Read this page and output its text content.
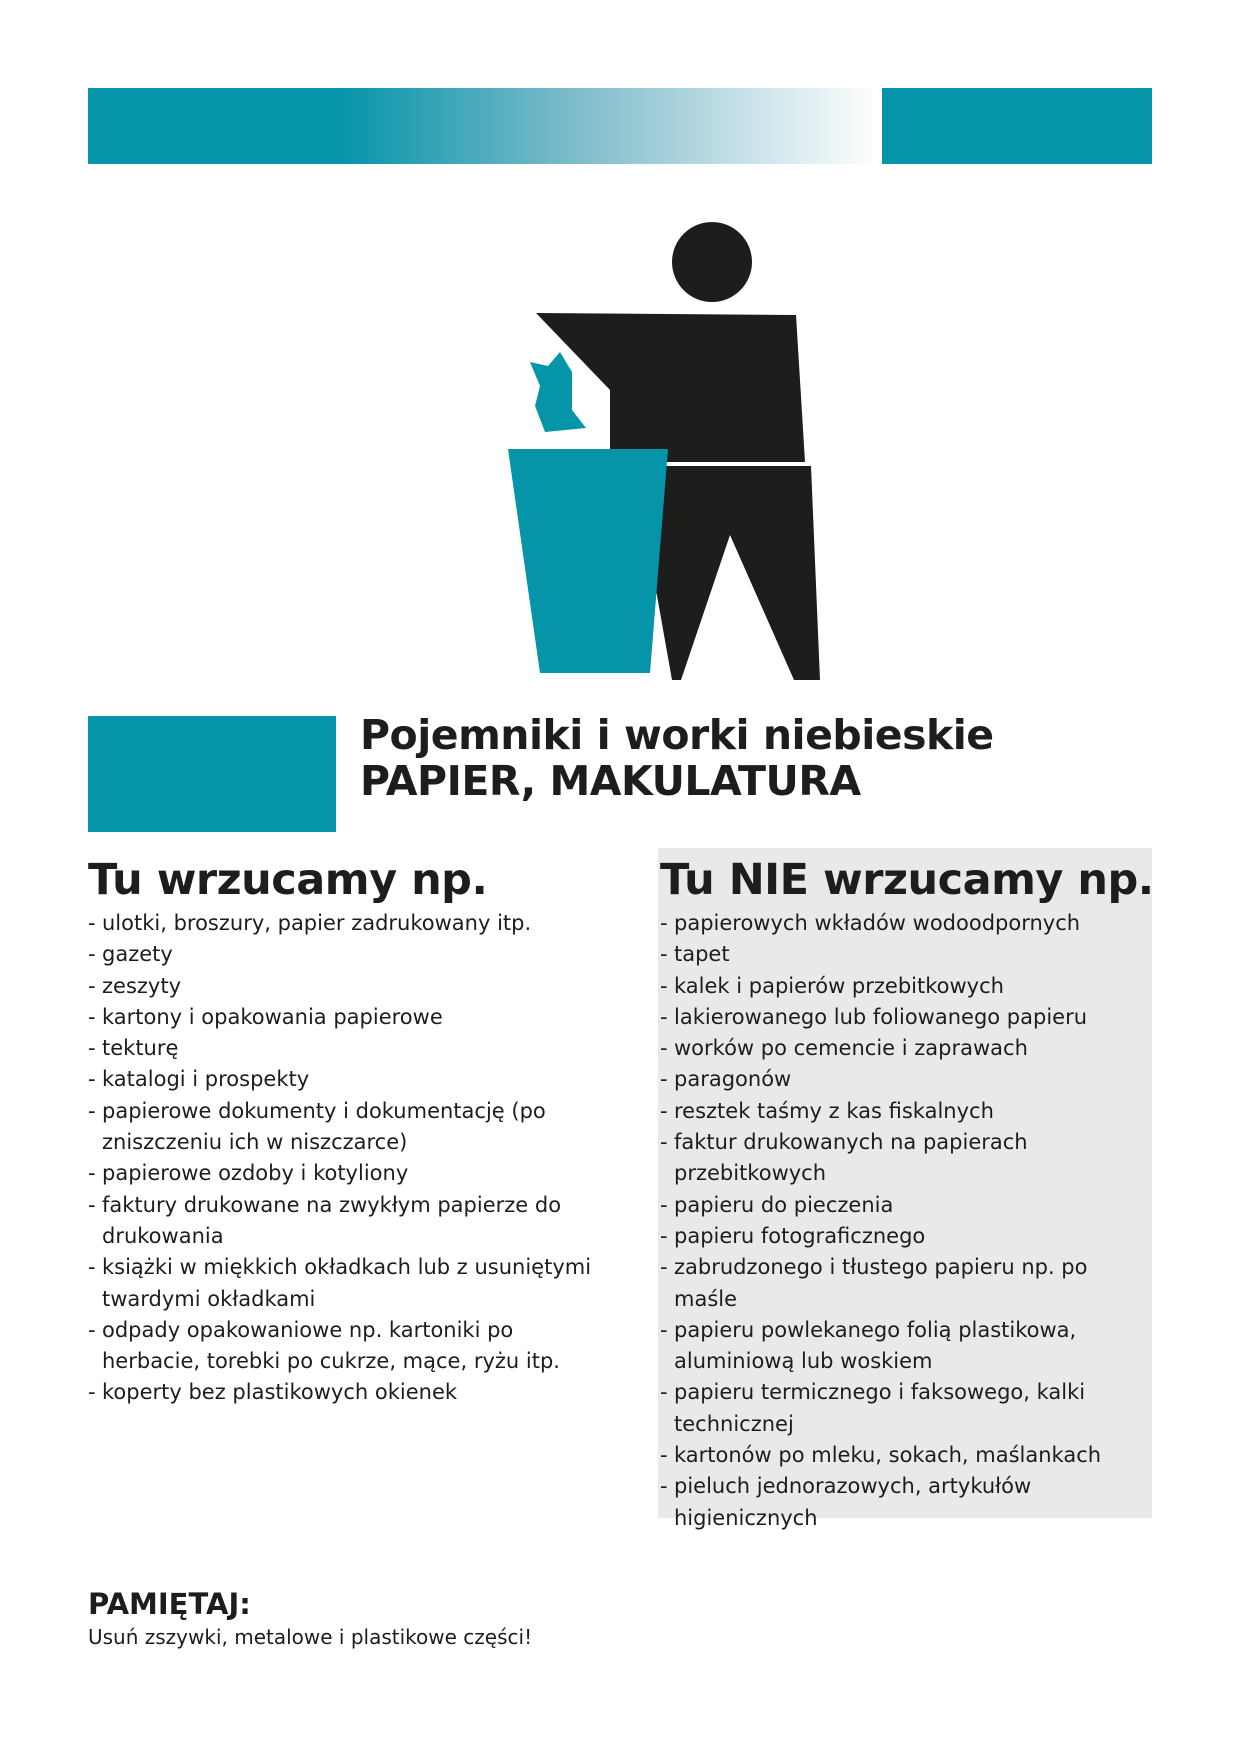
Pojemniki i worki niebieskie
PAPIER, MAKULATURA
Tu wrzucamy np.
- ulotki, broszury, papier zadrukowany itp.
- gazety
- zeszyty
- kartony i opakowania papierowe
- tekturę
- katalogi i prospekty
- papierowe dokumenty i dokumentację (po zniszczeniu ich w niszczarce)
- papierowe ozdoby i kotyliony
- faktury drukowane na zwykłym papierze do drukowania
- książki w miękkich okładkach lub z usuniętymi twardymi okładkami
- odpady opakowaniowe np. kartoniki po herbacie, torebki po cukrze, mące, ryżu itp.
- koperty bez plastikowych okienek
Tu NIE wrzucamy np.
- papierowych wkładów wodoodpornych
- tapet
- kalek i papierów przebitkowych
- lakierowanego lub foliowanego papieru
- worków po cemencie i zaprawach
- paragonów
- resztek taśmy z kas fiskalnych
- faktur drukowanych na papierach przebitkowych
- papieru do pieczenia
- papieru fotograficznego
- zabrudzonego i tłustego papieru np. po maśle
- papieru powlekanego folią plastikowa, aluminiową lub woskiem
- papieru termicznego i faksowego, kalki technicznej
- kartonów po mleku, sokach, maślankach
- pieluch jednorazowych, artykułów higienicznych
PAMIĘTAJ:
Usuń zszywki, metalowe i plastikowe części!
